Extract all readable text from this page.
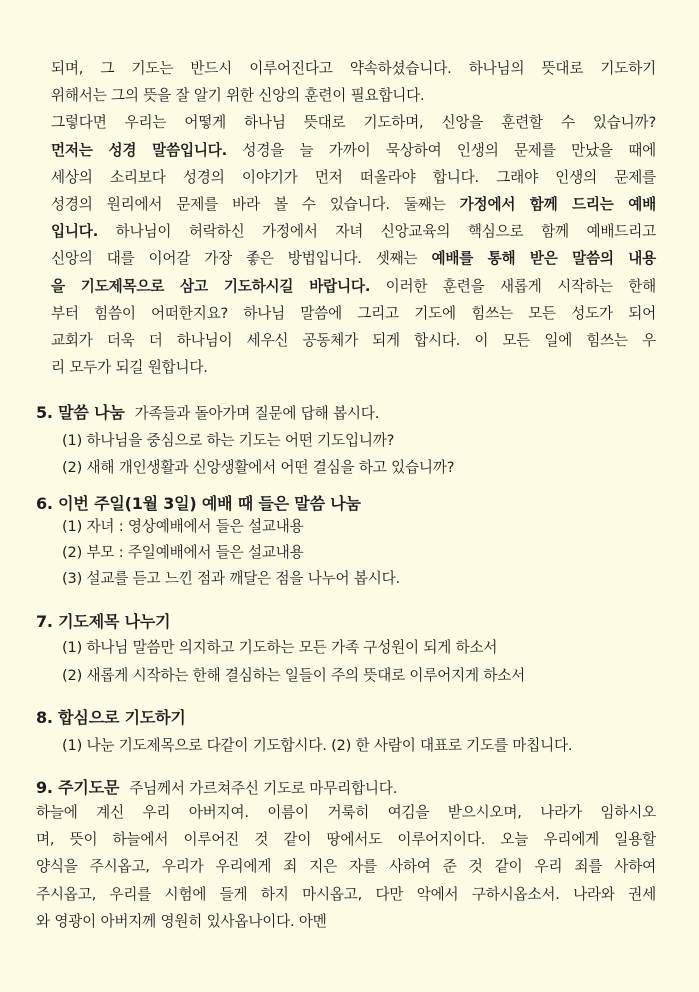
되며, 그 기도는 반드시 이루어진다고 약속하셨습니다. 하나님의 뜻대로 기도하기
위해서는 그의 뜻을 잘 알기 위한 신앙의 훈련이 필요합니다.
그렇다면 우리는 어떻게 하나님 뜻대로 기도하며, 신앙을 훈련할 수 있습니까?
먼저는 성경 말씀입니다. 성경을 늘 가까이 묵상하여 인생의 문제를 만났을 때에
세상의 소리보다 성경의 이야기가 먼저 떠올라야 합니다. 그래야 인생의 문제를
성경의 원리에서 문제를 바라 볼 수 있습니다. 둘째는 가정에서 함께 드리는 예배
입니다. 하나님이 허락하신 가정에서 자녀 신앙교육의 핵심으로 함께 예배드리고
신앙의 대를 이어갈 가장 좋은 방법입니다. 셋째는 예배를 통해 받은 말씀의 내용
을 기도제목으로 삼고 기도하시길 바랍니다. 이러한 훈련을 새롭게 시작하는 한해
부터 힘씀이 어떠한지요? 하나님 말씀에 그리고 기도에 힘쓰는 모든 성도가 되어
교회가 더욱 더 하나님이 세우신 공동체가 되게 합시다. 이 모든 일에 힘쓰는 우
리 모두가 되길 원합니다.
5. 말씀 나눔 가족들과 돌아가며 질문에 답해 봅시다.
(1) 하나님을 중심으로 하는 기도는 어떤 기도입니까?
(2) 새해 개인생활과 신앙생활에서 어떤 결심을 하고 있습니까?
6. 이번 주일(1월 3일) 예배 때 들은 말씀 나눔
(1) 자녀 : 영상예배에서 들은 설교내용
(2) 부모 : 주일예배에서 들은 설교내용
(3) 설교를 듣고 느낀 점과 깨달은 점을 나누어 봅시다.
7. 기도제목 나누기
(1) 하나님 말씀만 의지하고 기도하는 모든 가족 구성원이 되게 하소서
(2) 새롭게 시작하는 한해 결심하는 일들이 주의 뜻대로 이루어지게 하소서
8. 합심으로 기도하기
(1) 나눈 기도제목으로 다같이 기도합시다. (2) 한 사람이 대표로 기도를 마칩니다.
9. 주기도문 주님께서 가르쳐주신 기도로 마무리합니다.
하늘에 계신 우리 아버지여. 이름이 거룩히 여김을 받으시오며, 나라가 임하시오
며, 뜻이 하늘에서 이루어진 것 같이 땅에서도 이루어지이다. 오늘 우리에게 일용할
양식을 주시옵고, 우리가 우리에게 죄 지은 자를 사하여 준 것 같이 우리 죄를 사하여
주시옵고, 우리를 시험에 들게 하지 마시옵고, 다만 악에서 구하시옵소서. 나라와 권세
와 영광이 아버지께 영원히 있사옵나이다. 아멘
